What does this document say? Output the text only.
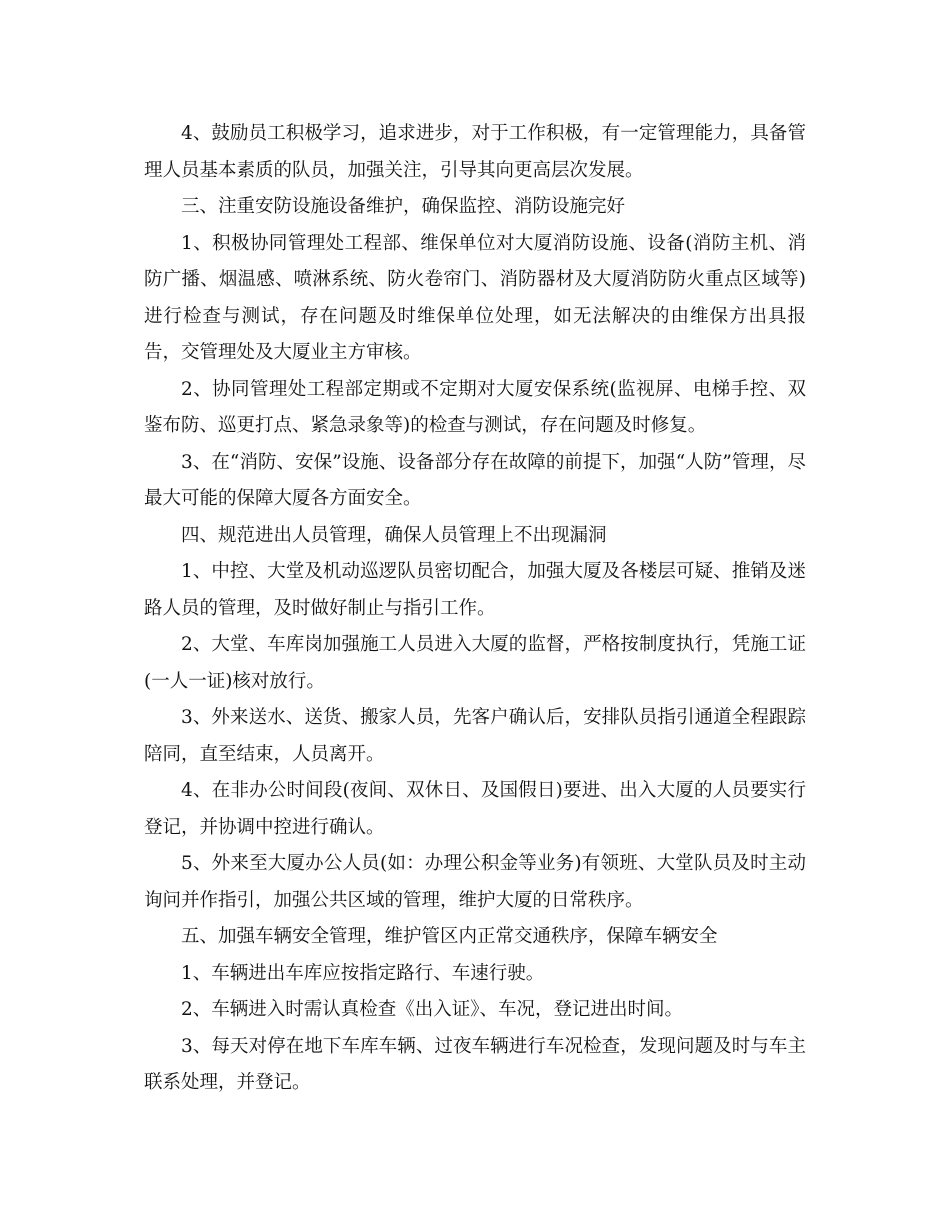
4、鼓励员工积极学习，追求进步，对于工作积极，有一定管理能力，具备管理人员基本素质的队员，加强关注，引导其向更高层次发展。

三、注重安防设施设备维护，确保监控、消防设施完好

1、积极协同管理处工程部、维保单位对大厦消防设施、设备(消防主机、消防广播、烟温感、喷淋系统、防火卷帘门、消防器材及大厦消防防火重点区域等)进行检查与测试，存在问题及时维保单位处理，如无法解决的由维保方出具报告，交管理处及大厦业主方审核。

2、协同管理处工程部定期或不定期对大厦安保系统(监视屏、电梯手控、双鉴布防、巡更打点、紧急录象等)的检查与测试，存在问题及时修复。

3、在“消防、安保”设施、设备部分存在故障的前提下，加强“人防”管理，尽最大可能的保障大厦各方面安全。

四、规范进出人员管理，确保人员管理上不出现漏洞

1、中控、大堂及机动巡逻队员密切配合，加强大厦及各楼层可疑、推销及迷路人员的管理，及时做好制止与指引工作。

2、大堂、车库岗加强施工人员进入大厦的监督，严格按制度执行，凭施工证(一人一证)核对放行。

3、外来送水、送货、搬家人员，先客户确认后，安排队员指引通道全程跟踪陪同，直至结束，人员离开。

4、在非办公时间段(夜间、双休日、及国假日)要进、出入大厦的人员要实行登记，并协调中控进行确认。

5、外来至大厦办公人员(如：办理公积金等业务)有领班、大堂队员及时主动询问并作指引，加强公共区域的管理，维护大厦的日常秩序。

五、加强车辆安全管理，维护管区内正常交通秩序，保障车辆安全

1、车辆进出车库应按指定路行、车速行驶。

2、车辆进入时需认真检查《出入证》、车况，登记进出时间。

3、每天对停在地下车库车辆、过夜车辆进行车况检查，发现问题及时与车主联系处理，并登记。
